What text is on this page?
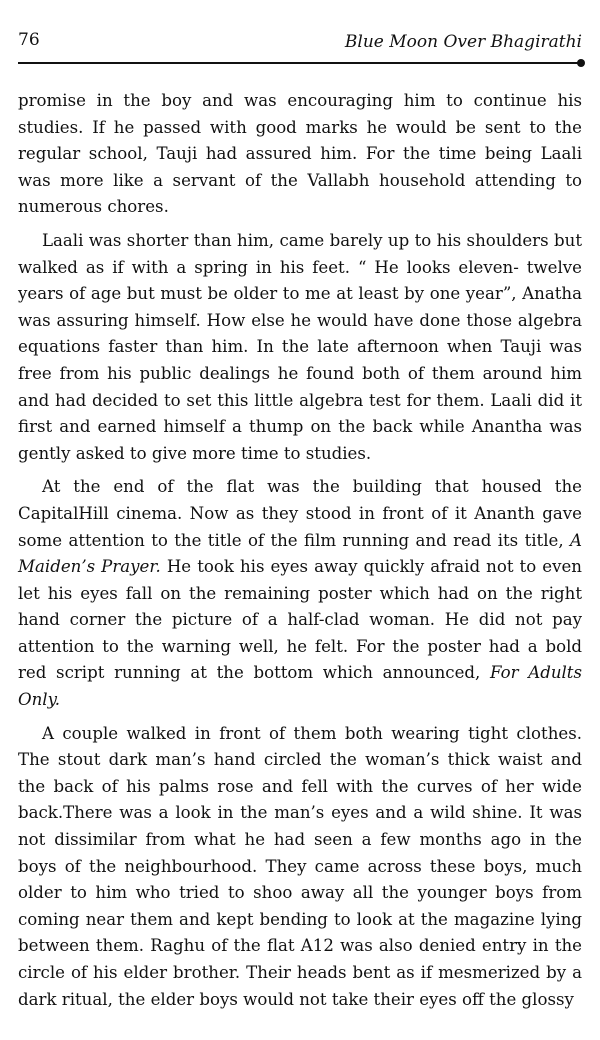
76	Blue Moon Over Bhagirathi

promise in the boy and was encouraging him to continue his studies. If he passed with good marks he would be sent to the regular school, Tauji had assured him. For the time being Laali was more like a servant of the Vallabh household attending to numerous chores.

Laali was shorter than him, came barely up to his shoulders but walked as if with a spring in his feet. “ He looks eleven- twelve years of age but must be older to me at least by one year”, Anatha was assuring himself. How else he would have done those algebra equations faster than him. In the late afternoon when Tauji was free from his public dealings he found both of them around him and had decided to set this little algebra test for them. Laali did it first and earned himself a thump on the back while Anantha was gently asked to give more time to studies.

At the end of the flat was the building that housed the CapitalHill cinema. Now as they stood in front of it Ananth gave some attention to the title of the film running and read its title, A Maiden’s Prayer. He took his eyes away quickly afraid not to even let his eyes fall on the remaining poster which had on the right hand corner the picture of a half-clad woman. He did not pay attention to the warning well, he felt. For the poster had a bold red script running at the bottom which announced, For Adults Only.

A couple walked in front of them both wearing tight clothes. The stout dark man’s hand circled the woman’s thick waist and the back of his palms rose and fell with the curves of her wide back.There was a look in the man’s eyes and a wild shine. It was not dissimilar from what he had seen a few months ago in the boys of the neighbourhood. They came across these boys, much older to him who tried to shoo away all the younger boys from coming near them and kept bending to look at the magazine lying between them. Raghu of the flat A12 was also denied entry in the circle of his elder brother. Their heads bent as if mesmerized by a dark ritual, the elder boys would not take their eyes off the glossy
